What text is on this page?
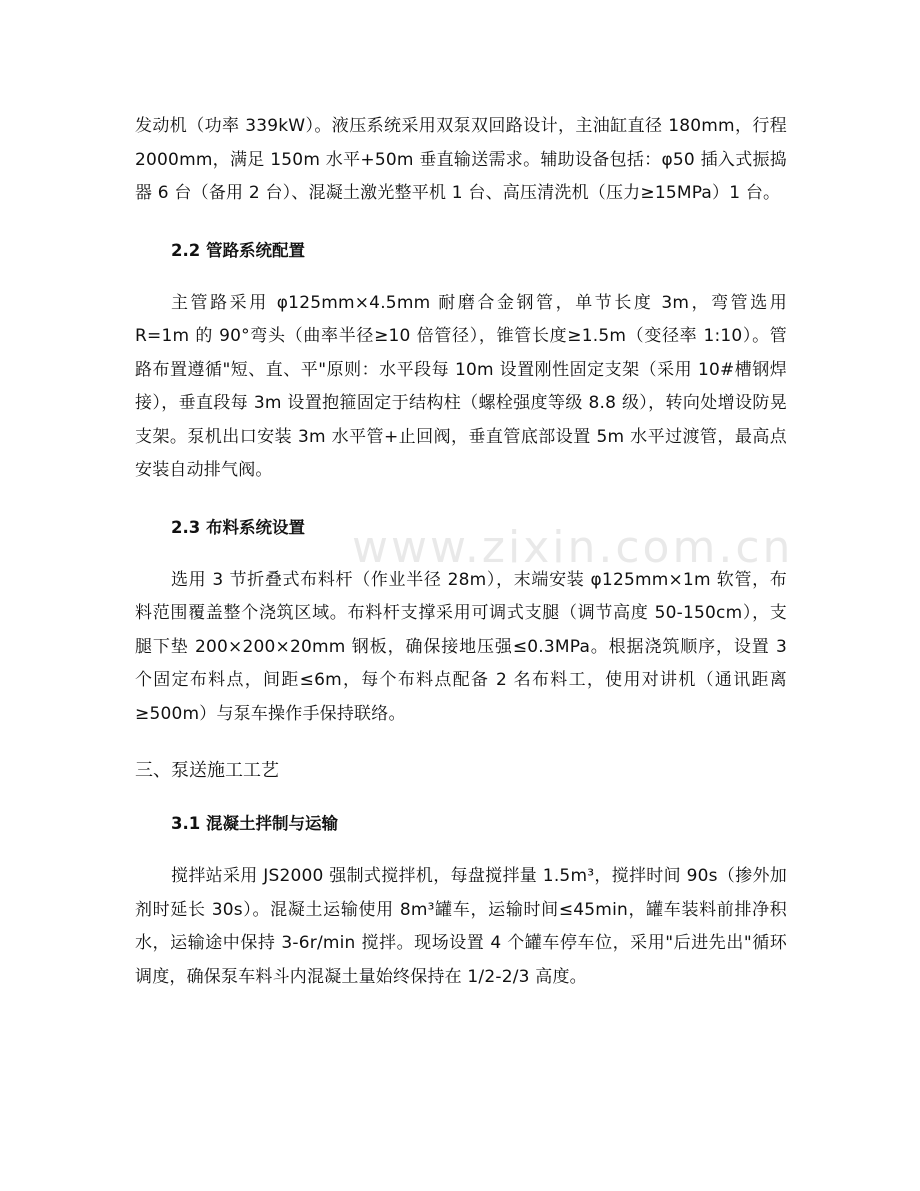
www.zixin.com.cn

发动机（功率 339kW）。液压系统采用双泵双回路设计，主油缸直径 180mm，行程 2000mm，满足 150m 水平+50m 垂直输送需求。辅助设备包括：φ50 插入式振捣器 6 台（备用 2 台）、混凝土激光整平机 1 台、高压清洗机（压力≥15MPa）1 台。

2.2 管路系统配置

主管路采用 φ125mm×4.5mm 耐磨合金钢管，单节长度 3m，弯管选用 R=1m 的 90°弯头（曲率半径≥10 倍管径），锥管长度≥1.5m（变径率 1:10）。管路布置遵循"短、直、平"原则：水平段每 10m 设置刚性固定支架（采用 10#槽钢焊接），垂直段每 3m 设置抱箍固定于结构柱（螺栓强度等级 8.8 级），转向处增设防晃支架。泵机出口安装 3m 水平管+止回阀，垂直管底部设置 5m 水平过渡管，最高点安装自动排气阀。

2.3 布料系统设置

选用 3 节折叠式布料杆（作业半径 28m），末端安装 φ125mm×1m 软管，布料范围覆盖整个浇筑区域。布料杆支撑采用可调式支腿（调节高度 50-150cm），支腿下垫 200×200×20mm 钢板，确保接地压强≤0.3MPa。根据浇筑顺序，设置 3 个固定布料点，间距≤6m，每个布料点配备 2 名布料工，使用对讲机（通讯距离≥500m）与泵车操作手保持联络。

三、泵送施工工艺
3.1 混凝土拌制与运输

搅拌站采用 JS2000 强制式搅拌机，每盘搅拌量 1.5m³，搅拌时间 90s（掺外加剂时延长 30s）。混凝土运输使用 8m³罐车，运输时间≤45min，罐车装料前排净积水，运输途中保持 3-6r/min 搅拌。现场设置 4 个罐车停车位，采用"后进先出"循环调度，确保泵车料斗内混凝土量始终保持在 1/2-2/3 高度。
